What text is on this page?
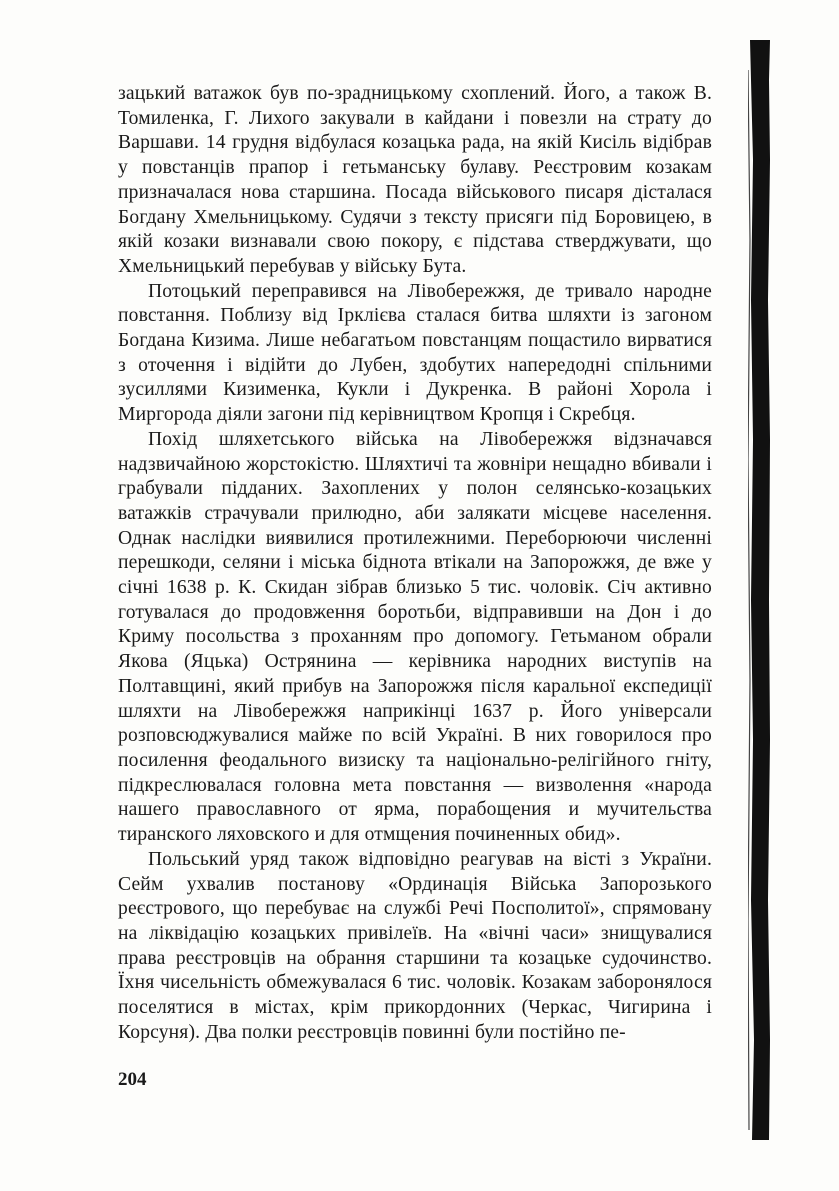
зацький ватажок був по-зрадницькому схоплений. Його, а також В. Томиленка, Г. Лихого закували в кайдани і повезли на страту до Варшави. 14 грудня відбулася козацька рада, на якій Кисіль відібрав у повстанців прапор і гетьманську булаву. Реєстровим козакам призначалася нова старшина. Посада військового писаря дісталася Богдану Хмельницькому. Судячи з тексту присяги під Боровицею, в якій козаки визнавали свою покору, є підстава стверджувати, що Хмельницький перебував у війську Бута.

Потоцький переправився на Лівобережжя, де тривало народне повстання. Поблизу від Ірклієва сталася битва шляхти із загоном Богдана Кизима. Лише небагатьом повстанцям пощастило вирватися з оточення і відійти до Лубен, здобутих напередодні спільними зусиллями Кизименка, Кукли і Дукренка. В районі Хорола і Миргорода діяли загони під керівництвом Кропця і Скребця.

Похід шляхетського війська на Лівобережжя відзначався надзвичайною жорстокістю. Шляхтичі та жовніри нещадно вбивали і грабували підданих. Захоплених у полон селянсько-козацьких ватажків страчували прилюдно, аби залякати місцеве населення. Однак наслідки виявилися протилежними. Переборюючи численні перешкоди, селяни і міська біднота втікали на Запорожжя, де вже у січні 1638 р. К. Скидан зібрав близько 5 тис. чоловік. Січ активно готувалася до продовження боротьби, відправивши на Дон і до Криму посольства з проханням про допомогу. Гетьманом обрали Якова (Яцька) Острянина — керівника народних виступів на Полтавщині, який прибув на Запорожжя після каральної експедиції шляхти на Лівобережжя наприкінці 1637 р. Його універсали розповсюджувалися майже по всій Україні. В них говорилося про посилення феодального визиску та національно-релігійного гніту, підкреслювалася головна мета повстання — визволення «народа нашего православного от ярма, порабощения и мучительства тиранского ляховского и для отмщения починенных обид».

Польський уряд також відповідно реагував на вісті з України. Сейм ухвалив постанову «Ординація Війська Запорозького реєстрового, що перебуває на службі Речі Посполитої», спрямовану на ліквідацію козацьких привілеїв. На «вічні часи» знищувалися права реєстровців на обрання старшини та козацьке судочинство. Їхня чисельність обмежувалася 6 тис. чоловік. Козакам заборонялося поселятися в містах, крім прикордонних (Черкас, Чигирина і Корсуня). Два полки реєстровців повинні були постійно пе-

204
